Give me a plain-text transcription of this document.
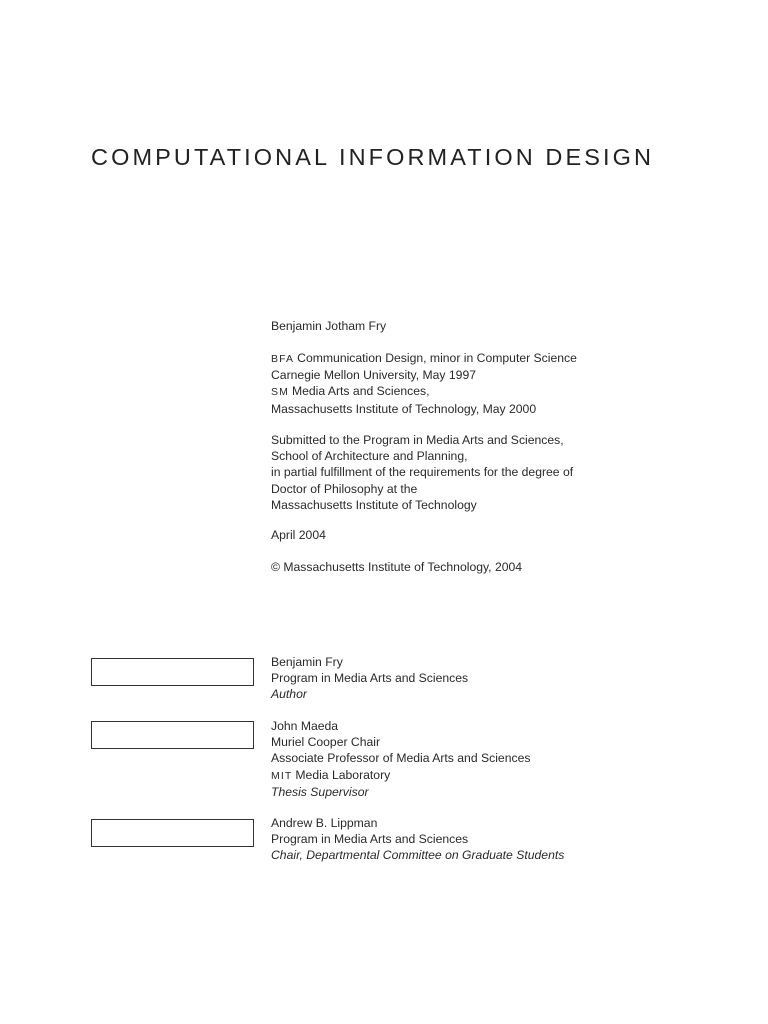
COMPUTATIONAL INFORMATION DESIGN
Benjamin Jotham Fry
BFA Communication Design, minor in Computer Science
Carnegie Mellon University, May 1997
SM Media Arts and Sciences,
Massachusetts Institute of Technology, May 2000
Submitted to the Program in Media Arts and Sciences,
School of Architecture and Planning,
in partial fulfillment of the requirements for the degree of
Doctor of Philosophy at the
Massachusetts Institute of Technology
April 2004
© Massachusetts Institute of Technology, 2004
Benjamin Fry
Program in Media Arts and Sciences
Author
John Maeda
Muriel Cooper Chair
Associate Professor of Media Arts and Sciences
MIT Media Laboratory
Thesis Supervisor
Andrew B. Lippman
Program in Media Arts and Sciences
Chair, Departmental Committee on Graduate Students
